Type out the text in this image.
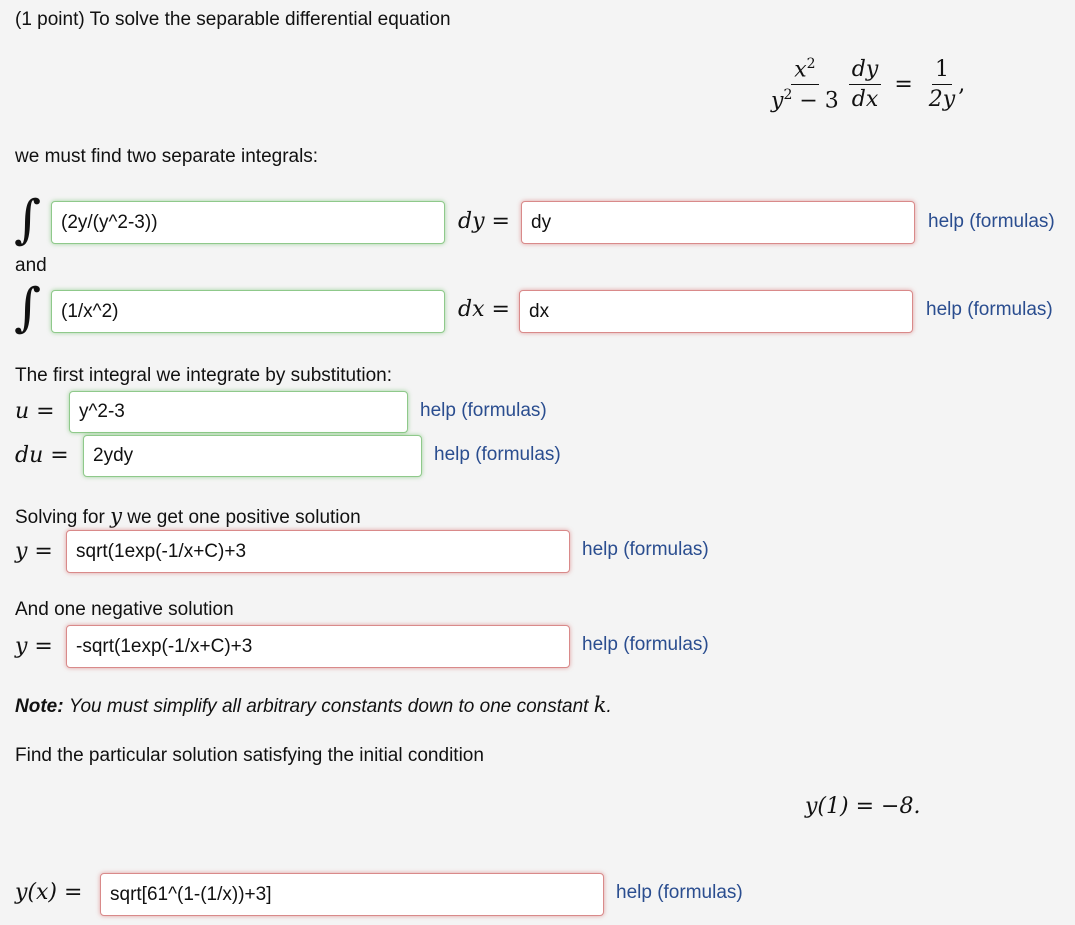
(1 point) To solve the separable differential equation
$\frac{x^2}{y^2 - 3}$
$\frac{dy}{dx} = \frac{1}{2y}$ ,
we must find two separate integrals:
∫	(2y/(y^2-3))	dy =	dy	help (formulas)
and
∫	(1/x^2)	dx =	dx	help (formulas)
The first integral we integrate by substitution:
u =	y^2-3	help (formulas)
du =	2ydy	help (formulas)
Solving for y we get one positive solution
y =	sqrt(1exp(-1/x+C)+3	help (formulas)
And one negative solution
y =	-sqrt(1exp(-1/x+C)+3	help (formulas)
Note: You must simplify all arbitrary constants down to one constant k.
Find the particular solution satisfying the initial condition
y(1) = −8.
y(x) =	sqrt[61^(1-(1/x))+3]	help (formulas)
